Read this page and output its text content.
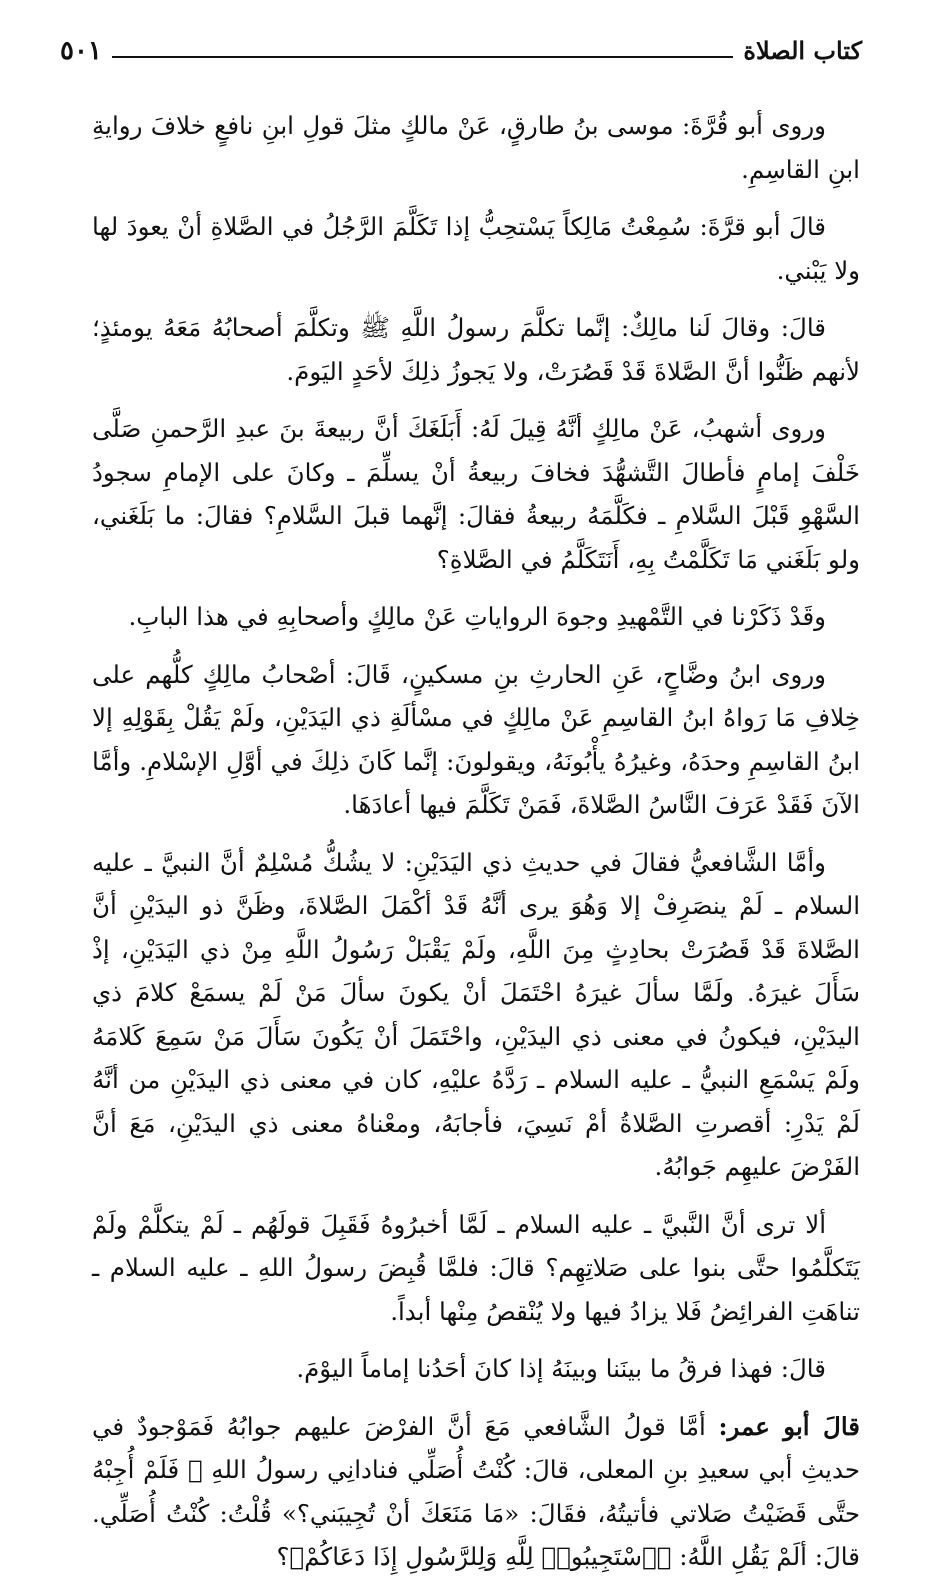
كتاب الصلاة
٥٠١

وروى أبو قُرَّةَ: موسى بنُ طارقٍ، عَنْ مالكٍ مثلَ قولِ ابنِ نافعٍ خلافَ روايةِ ابنِ القاسِمِ.

قالَ أبو قرَّةَ: سُمِعْتُ مَالِكاً يَسْتحِبُّ إذا تَكَلَّمَ الرَّجُلُ في الصَّلاةِ أنْ يعودَ لها ولا يَبْني.

قالَ: وقالَ لَنا مالِكٌ: إنَّما تكلَّمَ رسولُ اللَّهِ ﷺ وتكلَّمَ أصحابُهُ مَعَهُ يومئذٍ؛ لأنهم ظَنُّوا أنَّ الصَّلاةَ قَدْ قَصُرَتْ، ولا يَجوزُ ذلِكَ لأحَدٍ اليَومَ.

وروى أشهبُ، عَنْ مالِكٍ أنَّهُ قِيلَ لَهُ: أَبَلَغَكَ أنَّ ربيعةَ بنَ عبدِ الرَّحمنِ صَلَّى خَلْفَ إمامٍ فأطالَ التَّشهُّدَ فخافَ ربيعةُ أنْ يسلِّمَ ـ وكانَ على الإمامِ سجودُ السَّهْوِ قَبْلَ السَّلامِ ـ فكَلَّمَهُ ربيعةُ فقالَ: إنَّهما قبلَ السَّلامِ؟ فقالَ: ما بَلَغَني، ولو بَلَغَني مَا تَكَلَّمْتُ بِهِ، أَنَتَكَلَّمُ في الصَّلاةِ؟

وقَدْ ذَكَرْنا في التَّمْهيدِ وجوهَ الرواياتِ عَنْ مالِكٍ وأصحابِهِ في هذا البابِ.

وروى ابنُ وضَّاحٍ، عَنِ الحارثِ بنِ مسكينٍ، قَالَ: أصْحابُ مالِكٍ كلُّهم على خِلافِ مَا رَواهُ ابنُ القاسِمِ عَنْ مالِكٍ في مسْألَةِ ذي اليَدَيْنِ، ولَمْ يَقُلْ بِقَوْلِهِ إلا ابنُ القاسِمِ وحدَهُ، وغيرُهُ يأْبُونَهُ، ويقولونَ: إنَّما كَانَ ذلِكَ في أوَّلِ الإسْلامِ. وأمَّا الآنَ فَقَدْ عَرَفَ النَّاسُ الصَّلاةَ، فَمَنْ تَكَلَّمَ فيها أعادَهَا.

وأمَّا الشَّافعيُّ فقالَ في حديثِ ذي اليَدَيْنِ: لا يشُكُّ مُسْلِمٌ أنَّ النبيَّ ـ عليه السلام ـ لَمْ ينصَرِفْ إلا وَهُوَ يرى أنَّهُ قَدْ أكْمَلَ الصَّلاةَ، وظَنَّ ذو اليدَيْنِ أنَّ الصَّلاةَ قَدْ قَصُرَتْ بحادِثٍ مِنَ اللَّهِ، ولَمْ يَقْبَلْ رَسُولُ اللَّهِ مِنْ ذي اليَدَيْنِ، إذْ سَأَلَ غيرَهُ. ولَمَّا سألَ غيرَهُ احْتَمَلَ أنْ يكونَ سألَ مَنْ لَمْ يسمَعْ كلامَ ذي اليدَيْنِ، فيكونُ في معنى ذي اليدَيْنِ، واحْتَمَلَ أنْ يَكُونَ سَأَلَ مَنْ سَمِعَ كَلامَهُ ولَمْ يَسْمَعِ النبيُّ ـ عليه السلام ـ رَدَّهُ عليْهِ، كان في معنى ذي اليدَيْنِ من أنَّهُ لَمْ يَدْرِ: أقصرتِ الصَّلاةُ أمْ نَسِيَ، فأجابَهُ، ومعْناهُ معنى ذي اليدَيْنِ، مَعَ أنَّ الفَرْضَ عليهِم جَوابُهُ.

ألا ترى أنَّ النَّبيَّ ـ عليه السلام ـ لَمَّا أخبرُوهُ فَقَبِلَ قولَهُم ـ لَمْ يتكلَّمْ ولَمْ يَتَكلَّمُوا حتَّى بنوا على صَلاتِهِم؟ قالَ: فلمَّا قُبِضَ رسولُ اللهِ ـ عليه السلام ـ تناهَتِ الفرائِضُ فَلا يزادُ فيها ولا يُنْقصُ مِنْها أبداً.

قالَ: فهذا فرقُ ما بينَنا وبينَهُ إذا كانَ أحَدُنا إماماً اليوْمَ.

قالَ أبو عمر: أمَّا قولُ الشَّافعي مَعَ أنَّ الفرْضَ عليهم جوابُهُ فَمَوْجودٌ في حديثِ أبي سعيدِ بنِ المعلى، قالَ: كُنْتُ أُصَلِّي فنادانِي رسولُ اللهِ ﷺ فَلَمْ أُجِبْهُ حتَّى قَضَيْتُ صَلاتي فأتيتُهُ، فقَالَ: «مَا مَنَعَكَ أنْ تُجِيبَني؟» قُلْتُ: كُنْتُ أُصَلِّي. قالَ: ألَمْ يَقُلِ اللَّهُ: ﴿ٱسْتَجِيبُوا۟ لِلَّهِ وَلِلرَّسُولِ إِذَا دَعَاكُمْ﴾؟
